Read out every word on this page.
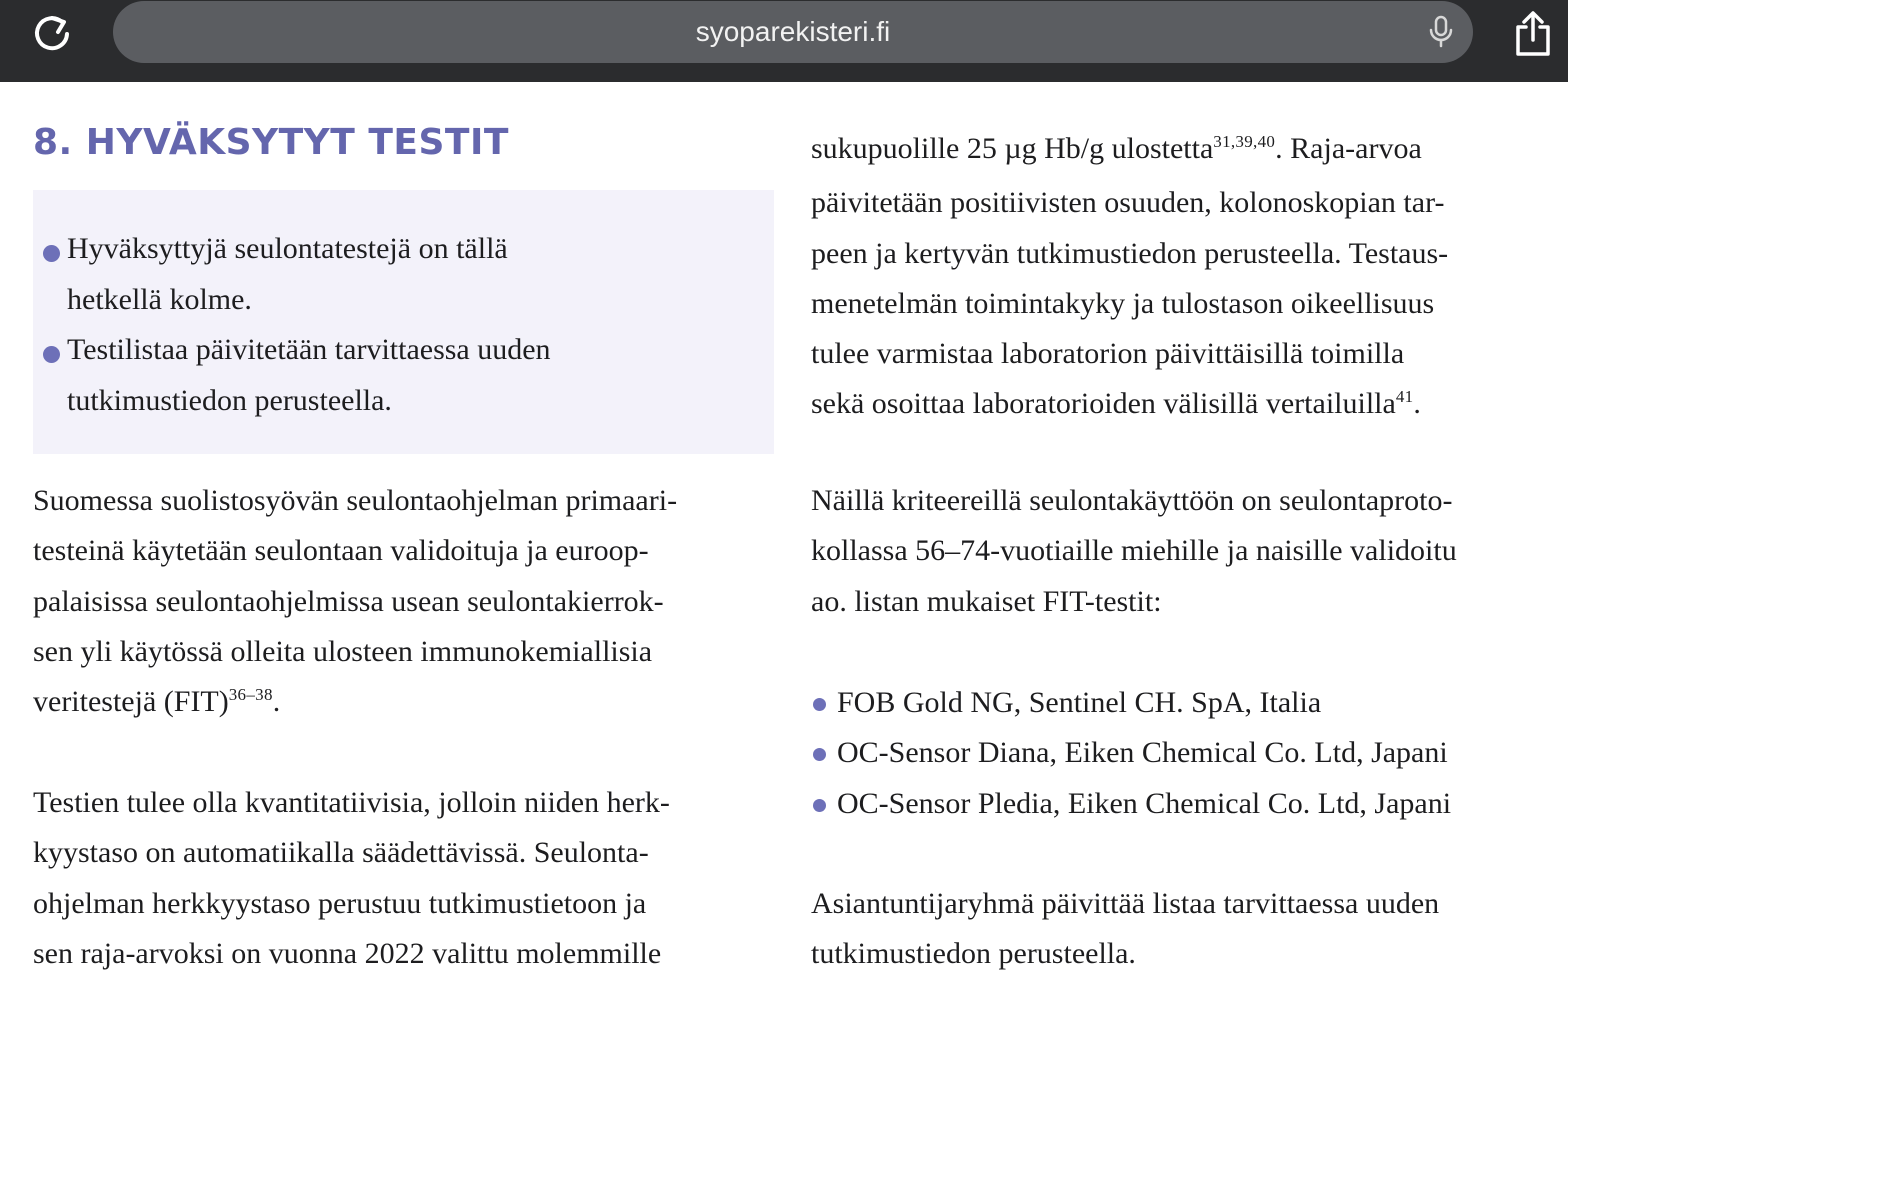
syoparekisteri.fi
8. HYVÄKSYTYT TESTIT
Hyväksyttyjä seulontatestejä on tällä
hetkellä kolme.
Testilistaa päivitetään tarvittaessa uuden
tutkimustiedon perusteella.

Suomessa suolistosyövän seulontaohjelman primaari-
testeinä käytetään seulontaan validoituja ja euroop-
palaisissa seulontaohjelmissa usean seulontakierrok-
sen yli käytössä olleita ulosteen immunokemiallisia
veritestejä (FIT)$^{36-38}$.

Testien tulee olla kvantitatiivisia, jolloin niiden herk-
kyystaso on automatiikalla säädettävissä. Seulonta-
ohjelman herkkyystaso perustuu tutkimustietoon ja
sen raja-arvoksi on vuonna 2022 valittu molemmille

sukupuolille 25 µg Hb/g ulostetta$^{31,39,40}$. Raja-arvoa
päivitetään positiivisten osuuden, kolonoskopian tar-
peen ja kertyvän tutkimustiedon perusteella. Testaus-
menetelmän toimintakyky ja tulostason oikeellisuus
tulee varmistaa laboratorion päivittäisillä toimilla
sekä osoittaa laboratorioiden välisillä vertailuilla$^{41}$.

Näillä kriteereillä seulontakäyttöön on seulontaproto-
kollassa 56–74-vuotiaille miehille ja naisille validoitu
ao. listan mukaiset FIT-testit:

FOB Gold NG, Sentinel CH. SpA, Italia
OC-Sensor Diana, Eiken Chemical Co. Ltd, Japani
OC-Sensor Pledia, Eiken Chemical Co. Ltd, Japani

Asiantuntijaryhmä päivittää listaa tarvittaessa uuden
tutkimustiedon perusteella.
